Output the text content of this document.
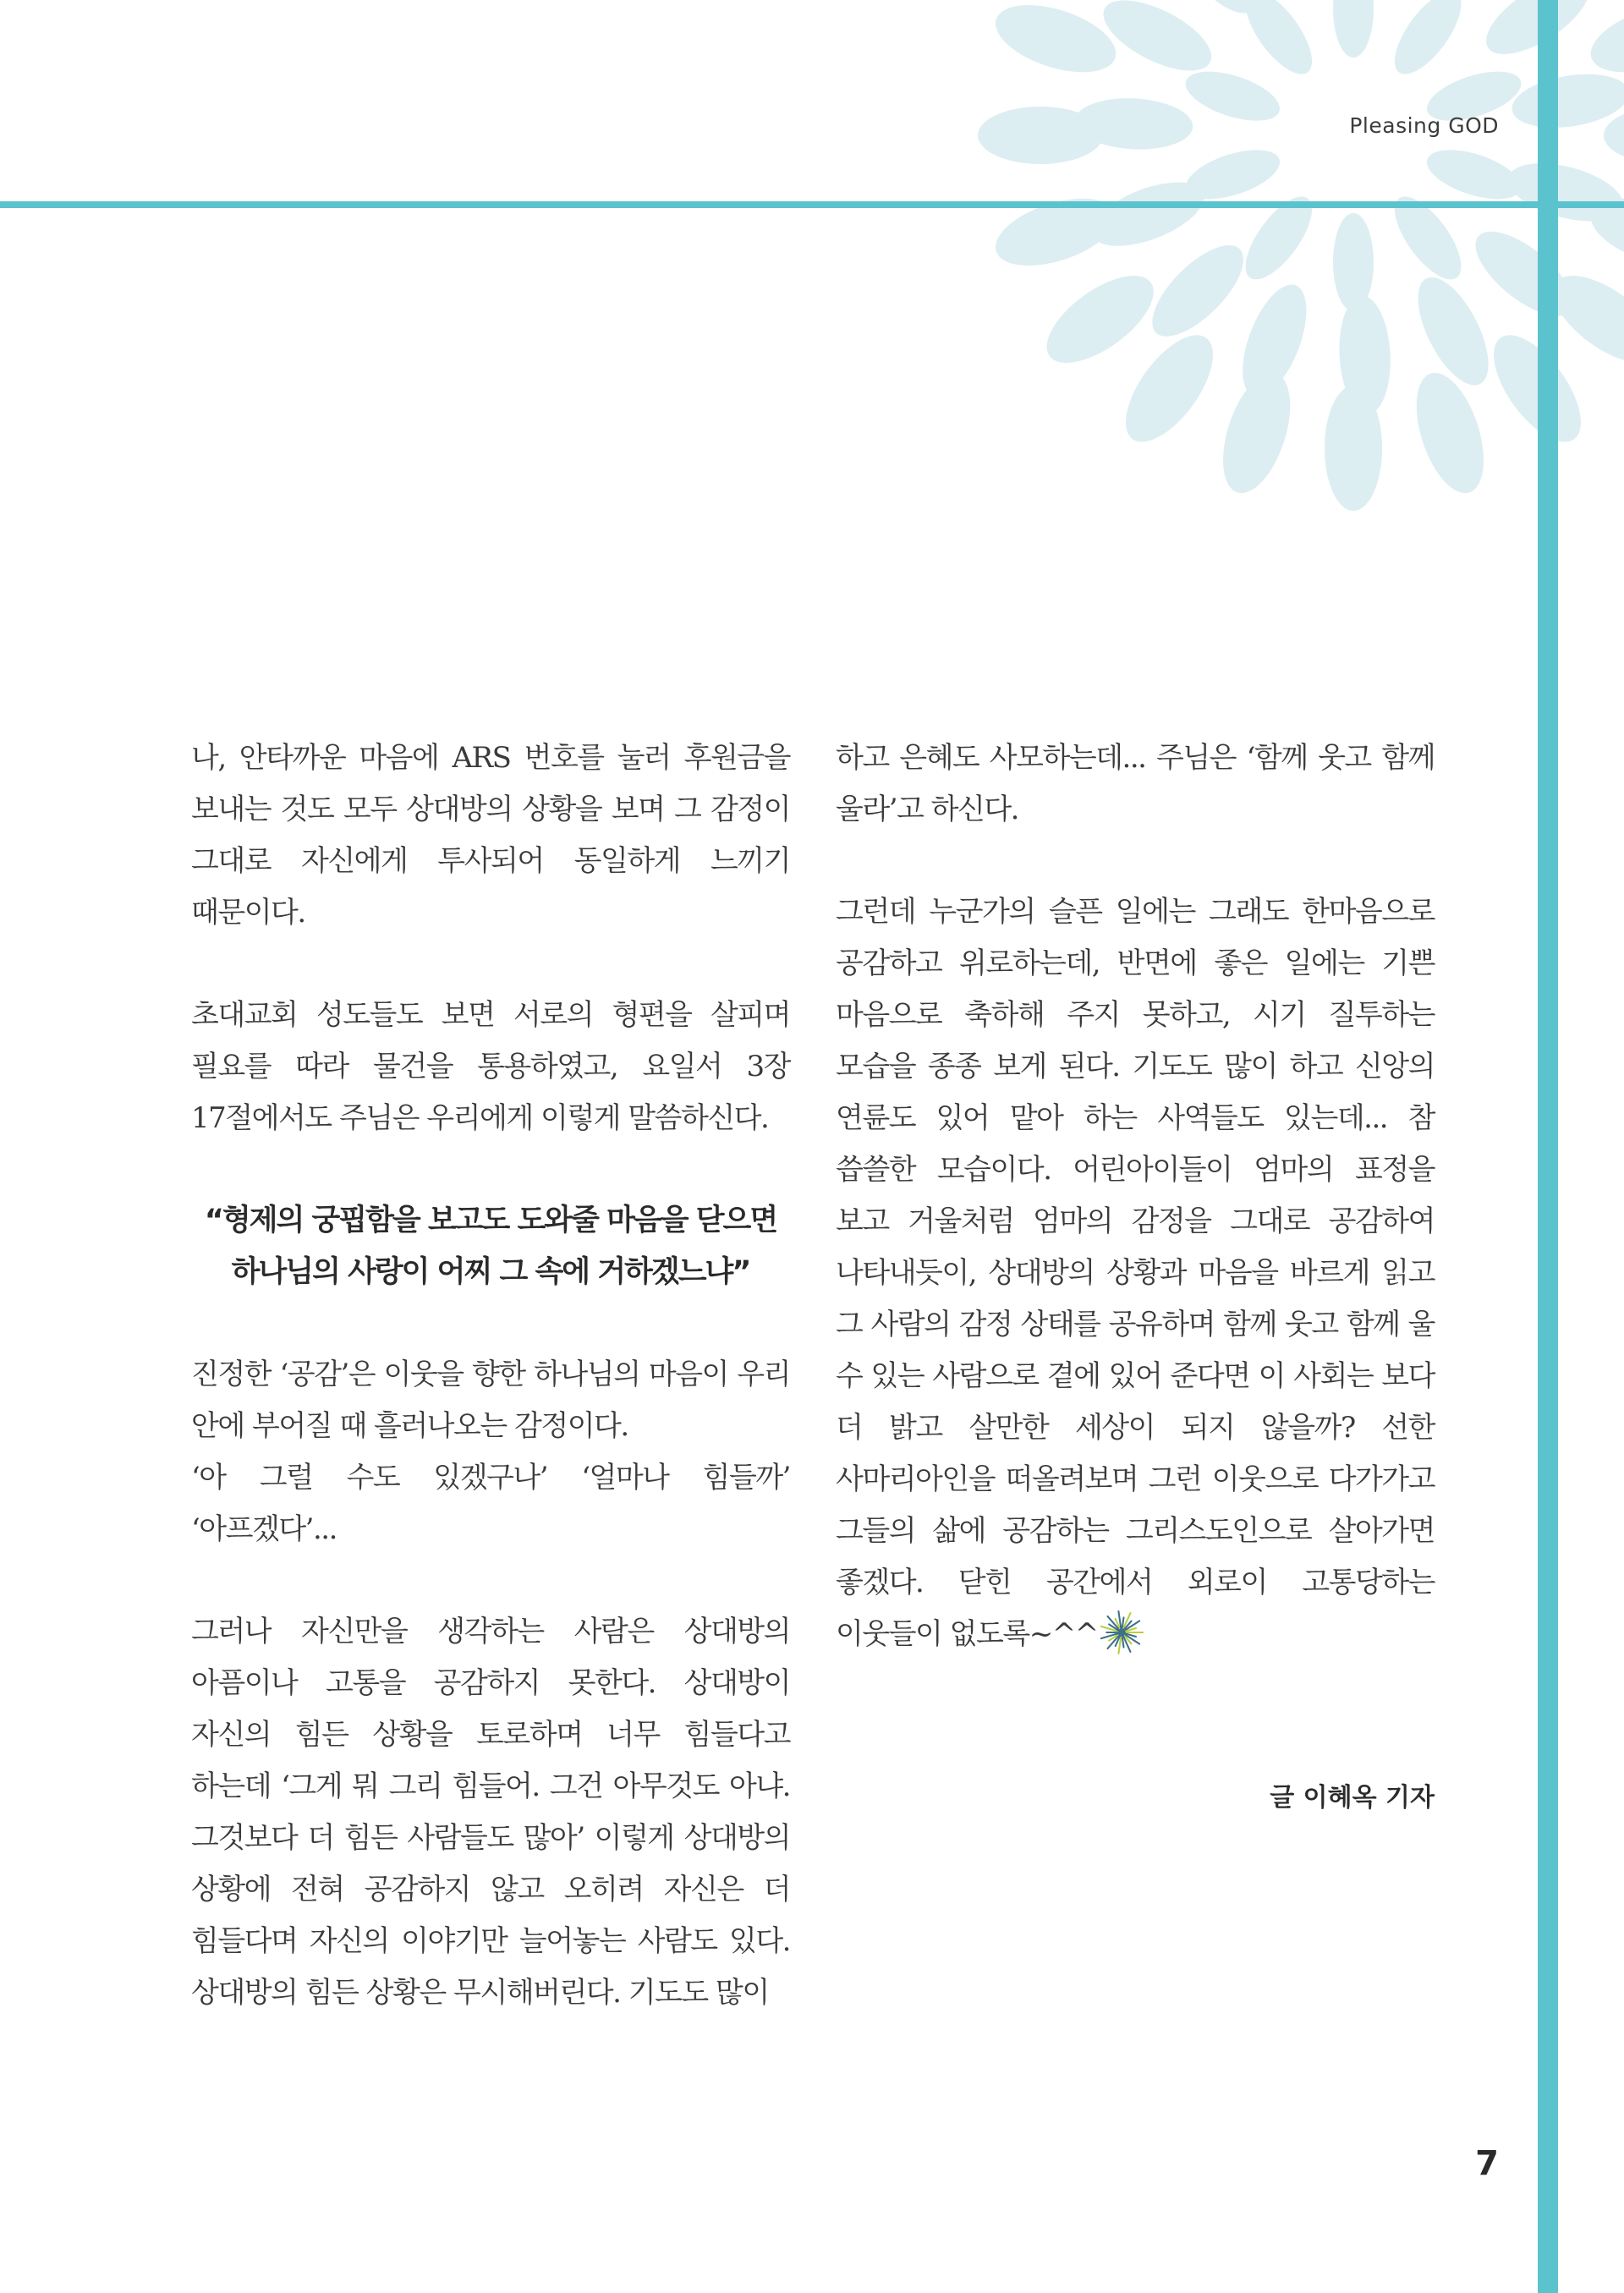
Pleasing GOD

나, 안타까운 마음에 ARS 번호를 눌러 후원금을 보내는 것도 모두 상대방의 상황을 보며 그 감정이 그대로 자신에게 투사되어 동일하게 느끼기 때문이다.

초대교회 성도들도 보면 서로의 형편을 살피며 필요를 따라 물건을 통용하였고, 요일서 3장 17절에서도 주님은 우리에게 이렇게 말씀하신다.

“형제의 궁핍함을 보고도 도와줄 마음을 닫으면
하나님의 사랑이 어찌 그 속에 거하겠느냐”

진정한 ‘공감’은 이웃을 향한 하나님의 마음이 우리 안에 부어질 때 흘러나오는 감정이다.

‘아 그럴 수도 있겠구나’ ‘얼마나 힘들까’ ‘아프겠다’...

그러나 자신만을 생각하는 사람은 상대방의 아픔이나 고통을 공감하지 못한다. 상대방이 자신의 힘든 상황을 토로하며 너무 힘들다고 하는데 ‘그게 뭐 그리 힘들어. 그건 아무것도 아냐. 그것보다 더 힘든 사람들도 많아’ 이렇게 상대방의 상황에 전혀 공감하지 않고 오히려 자신은 더 힘들다며 자신의 이야기만 늘어놓는 사람도 있다. 상대방의 힘든 상황은 무시해버린다. 기도도 많이

하고 은혜도 사모하는데... 주님은 ‘함께 웃고 함께 울라’고 하신다.

그런데 누군가의 슬픈 일에는 그래도 한마음으로 공감하고 위로하는데, 반면에 좋은 일에는 기쁜 마음으로 축하해 주지 못하고, 시기 질투하는 모습을 종종 보게 된다. 기도도 많이 하고 신앙의 연륜도 있어 맡아 하는 사역들도 있는데... 참 씁쓸한 모습이다. 어린아이들이 엄마의 표정을 보고 거울처럼 엄마의 감정을 그대로 공감하여 나타내듯이, 상대방의 상황과 마음을 바르게 읽고 그 사람의 감정 상태를 공유하며 함께 웃고 함께 울 수 있는 사람으로 곁에 있어 준다면 이 사회는 보다 더 밝고 살만한 세상이 되지 않을까? 선한 사마리아인을 떠올려보며 그런 이웃으로 다가가고 그들의 삶에 공감하는 그리스도인으로 살아가면 좋겠다. 닫힌 공간에서 외로이 고통당하는 이웃들이 없도록~^^

글 이혜옥 기자
7
